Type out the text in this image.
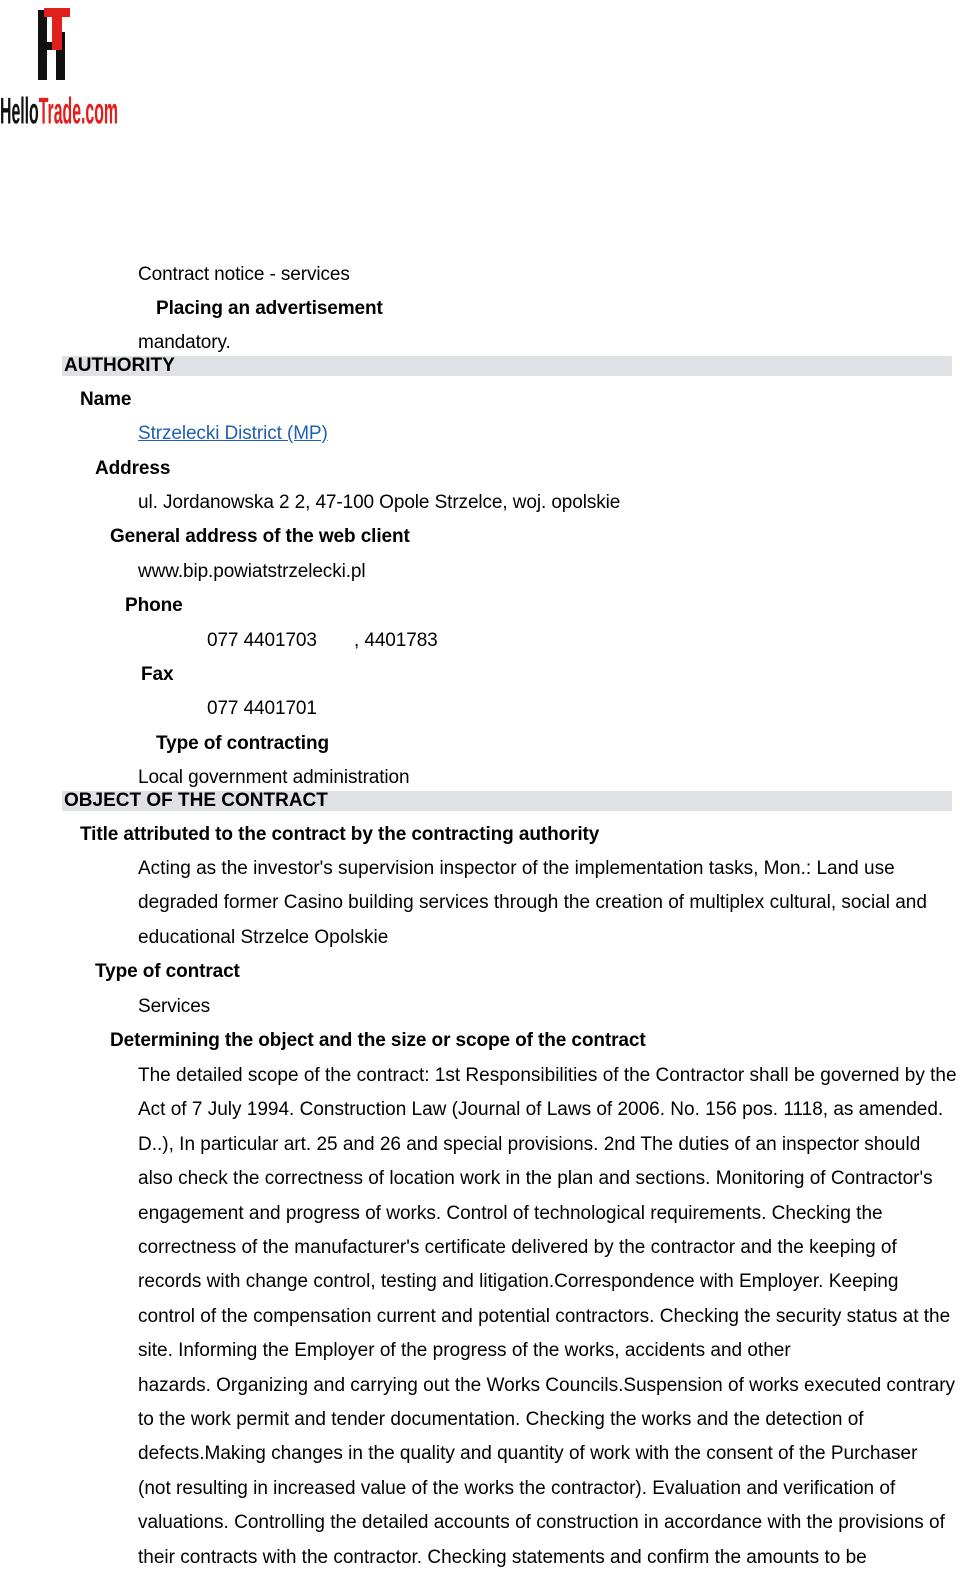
HelloTrade
Contract notice - services
Placing an advertisement
mandatory.
AUTHORITY
Name
Strzelecki District (MP)
Address
ul. Jordanowska 2 2, 47-100 Opole Strzelce, woj. opolskie
General address of the web client
www.bip.powiatstrzelecki.pl
Phone
077 4401703 , 4401783
Fax
077 4401701
Type of contracting
Local government administration
OBJECT OF THE CONTRACT
Title attributed to the contract by the contracting authority
Acting as the investor's supervision inspector of the implementation tasks, Mon.: Land use
degraded former Casino building services through the creation of multiplex cultural, social and
educational Strzelce Opolskie
Type of contract
Services
Determining the object and the size or scope of the contract
The detailed scope of the contract: 1st Responsibilities of the Contractor shall be governed by the
Act of 7 July 1994. Construction Law (Journal of Laws of 2006. No. 156 pos. 1118, as amended.
D..), In particular art. 25 and 26 and special provisions. 2nd The duties of an inspector should
also check the correctness of location work in the plan and sections. Monitoring of Contractor's
engagement and progress of works. Control of technological requirements. Checking the
correctness of the manufacturer's certificate delivered by the contractor and the keeping of
records with change control, testing and litigation.Correspondence with Employer. Keeping
control of the compensation current and potential contractors. Checking the security status at the
site. Informing the Employer of the progress of the works, accidents and other
hazards. Organizing and carrying out the Works Councils.Suspension of works executed contrary
to the work permit and tender documentation. Checking the works and the detection of
defects.Making changes in the quality and quantity of work with the consent of the Purchaser
(not resulting in increased value of the works the contractor). Evaluation and verification of
valuations. Controlling the detailed accounts of construction in accordance with the provisions of
their contracts with the contractor. Checking statements and confirm the amounts to be
